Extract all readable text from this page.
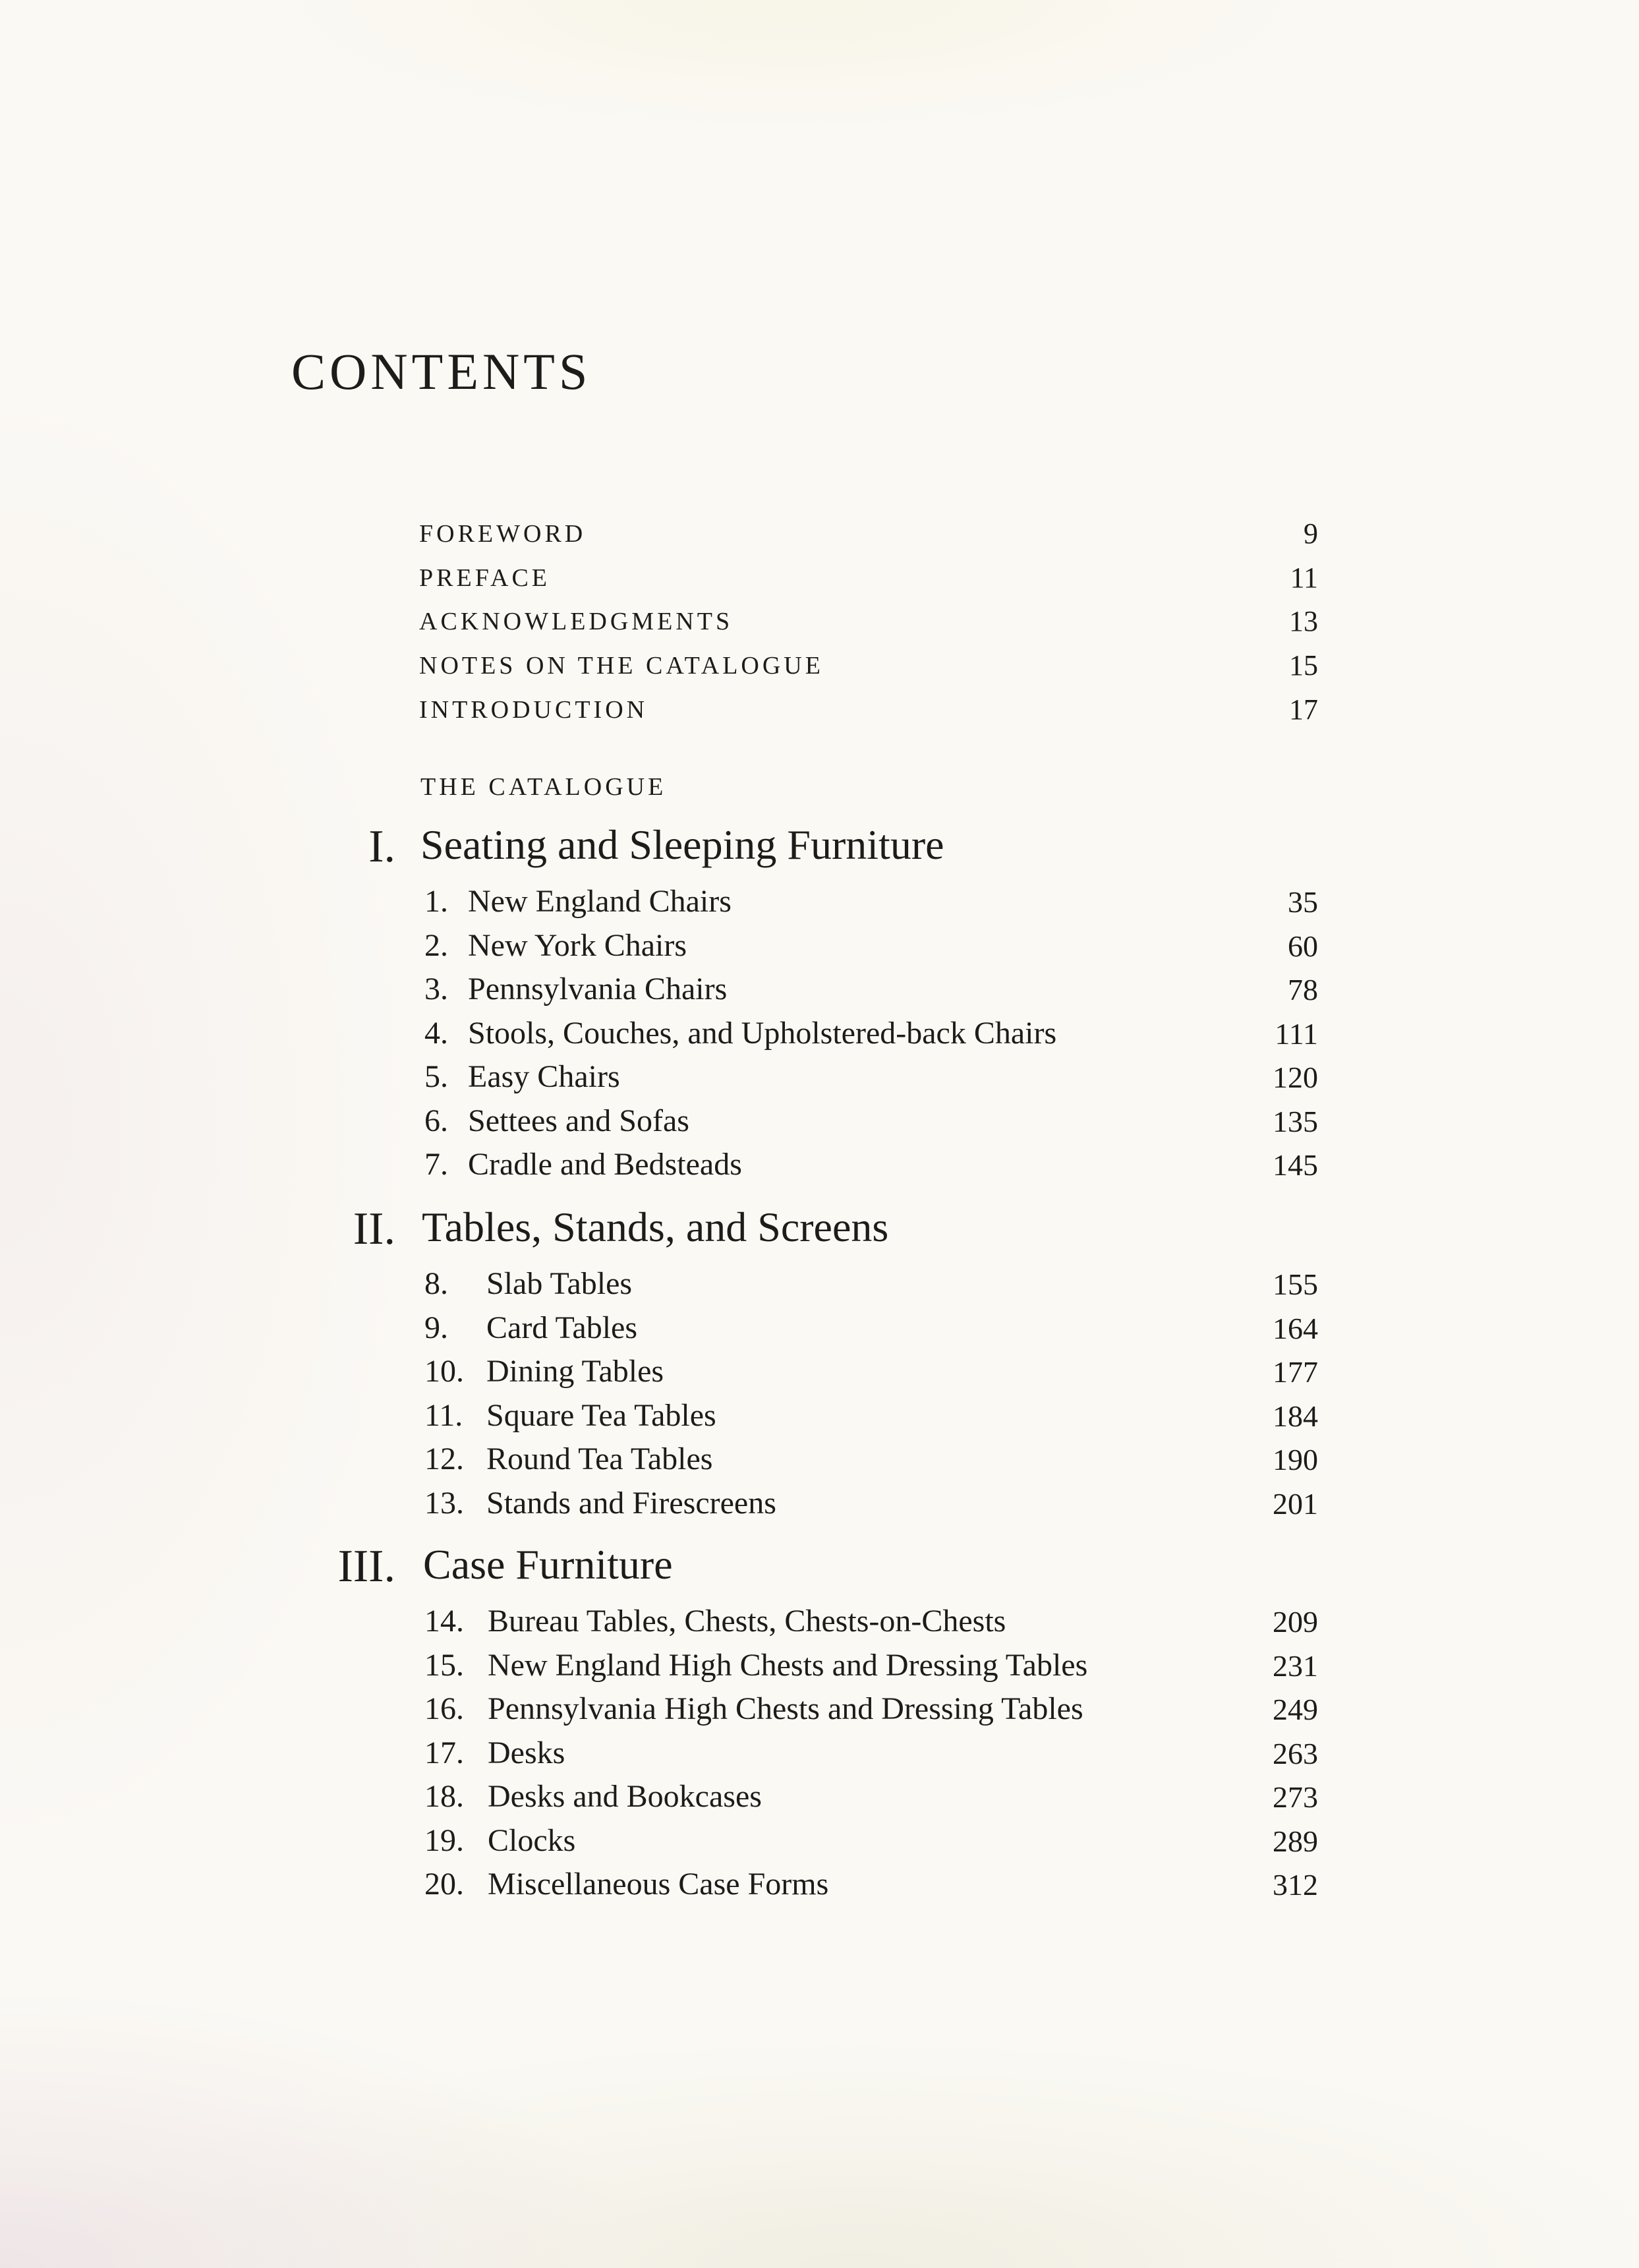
CONTENTS
FOREWORD	9
PREFACE	11
ACKNOWLEDGMENTS	13
NOTES ON THE CATALOGUE	15
INTRODUCTION	17
THE CATALOGUE
I. Seating and Sleeping Furniture
1. New England Chairs	35
2. New York Chairs	60
3. Pennsylvania Chairs	78
4. Stools, Couches, and Upholstered-back Chairs	111
5. Easy Chairs	120
6. Settees and Sofas	135
7. Cradle and Bedsteads	145
II. Tables, Stands, and Screens
8. Slab Tables	155
9. Card Tables	164
10. Dining Tables	177
11. Square Tea Tables	184
12. Round Tea Tables	190
13. Stands and Firescreens	201
III. Case Furniture
14. Bureau Tables, Chests, Chests-on-Chests	209
15. New England High Chests and Dressing Tables	231
16. Pennsylvania High Chests and Dressing Tables	249
17. Desks	263
18. Desks and Bookcases	273
19. Clocks	289
20. Miscellaneous Case Forms	312
